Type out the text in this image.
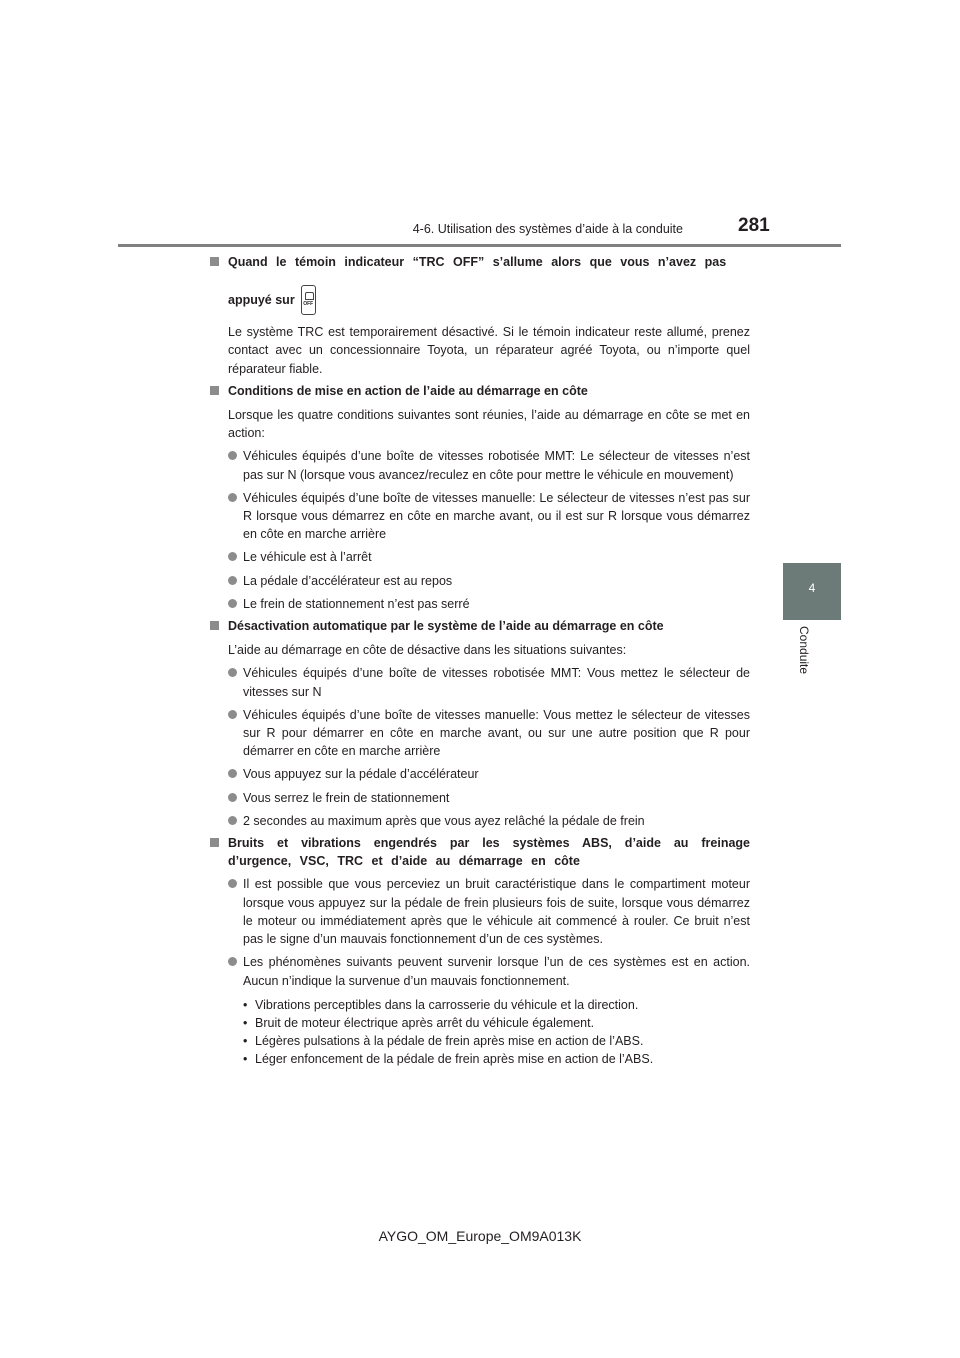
4-6. Utilisation des systèmes d’aide à la conduite	281
4
Conduite
Quand le témoin indicateur “TRC OFF” s’allume alors que vous n’avez pas
appuyé sur	OFF

Le système TRC est temporairement désactivé. Si le témoin indicateur reste allumé, prenez contact avec un concessionnaire Toyota, un réparateur agréé Toyota, ou n’importe quel réparateur fiable.

Conditions de mise en action de l’aide au démarrage en côte

Lorsque les quatre conditions suivantes sont réunies, l’aide au démarrage en côte se met en action:

Véhicules équipés d’une boîte de vitesses robotisée MMT: Le sélecteur de vitesses n’est pas sur N (lorsque vous avancez/reculez en côte pour mettre le véhicule en mouvement)
Véhicules équipés d’une boîte de vitesses manuelle: Le sélecteur de vitesses n’est pas sur R lorsque vous démarrez en côte en marche avant, ou il est sur R lorsque vous démarrez en côte en marche arrière
Le véhicule est à l’arrêt
La pédale d’accélérateur est au repos
Le frein de stationnement n’est pas serré
Désactivation automatique par le système de l’aide au démarrage en côte

L’aide au démarrage en côte de désactive dans les situations suivantes:

Véhicules équipés d’une boîte de vitesses robotisée MMT: Vous mettez le sélecteur de vitesses sur N
Véhicules équipés d’une boîte de vitesses manuelle: Vous mettez le sélecteur de vitesses sur R pour démarrer en côte en marche avant, ou sur une autre position que R pour démarrer en côte en marche arrière
Vous appuyez sur la pédale d’accélérateur
Vous serrez le frein de stationnement
2 secondes au maximum après que vous ayez relâché la pédale de frein
Bruits et vibrations engendrés par les systèmes ABS, d’aide au freinage d’urgence, VSC, TRC et d’aide au démarrage en côte
Il est possible que vous perceviez un bruit caractéristique dans le compartiment moteur lorsque vous appuyez sur la pédale de frein plusieurs fois de suite, lorsque vous démarrez le moteur ou immédiatement après que le véhicule ait commencé à rouler. Ce bruit n’est pas le signe d’un mauvais fonctionnement d’un de ces systèmes.
Les phénomènes suivants peuvent survenir lorsque l’un de ces systèmes est en action. Aucun n’indique la survenue d’un mauvais fonctionnement.
• Vibrations perceptibles dans la carrosserie du véhicule et la direction.
• Bruit de moteur électrique après arrêt du véhicule également.
• Légères pulsations à la pédale de frein après mise en action de l’ABS.
• Léger enfoncement de la pédale de frein après mise en action de l’ABS.
AYGO_OM_Europe_OM9A013K
